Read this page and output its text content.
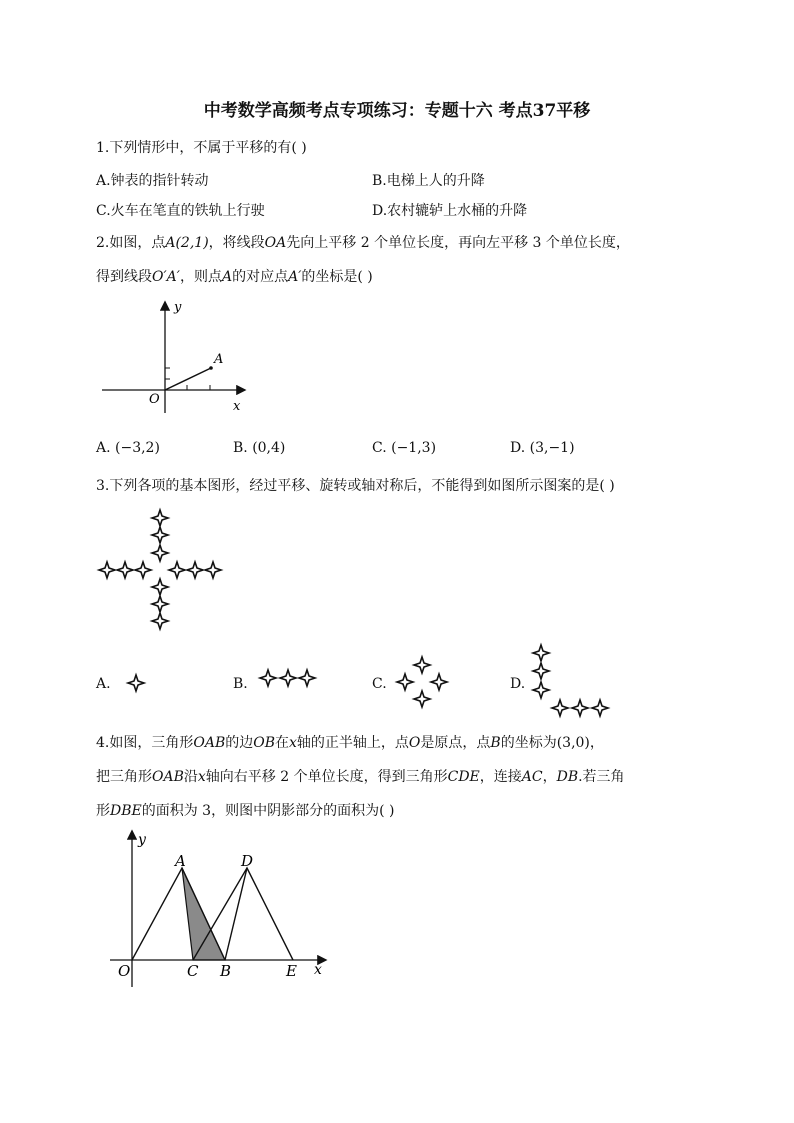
中考数学高频考点专项练习：专题十六 考点37平移
1.下列情形中，不属于平移的有( )
A.钟表的指针转动	B.电梯上人的升降
C.火车在笔直的铁轨上行驶	D.农村辘轳上水桶的升降
2.如图，点A(2,1)，将线段OA先向上平移 2 个单位长度，再向左平移 3 个单位长度，
得到线段O′A′，则点A的对应点A′的坐标是( )
y
x
O
A
A. (−3,2)	B. (0,4)	C. (−1,3)	D. (3,−1)
3.下列各项的基本图形，经过平移、旋转或轴对称后，不能得到如图所示图案的是( )
A.	B.	C.	D.
4.如图，三角形OAB的边OB在x轴的正半轴上，点O是原点，点B的坐标为(3,0)，
把三角形OAB沿x轴向右平移 2 个单位长度，得到三角形CDE，连接AC，DB.若三角
形DBE的面积为 3，则图中阴影部分的面积为( )
y
x
O
A
C B
D
E
